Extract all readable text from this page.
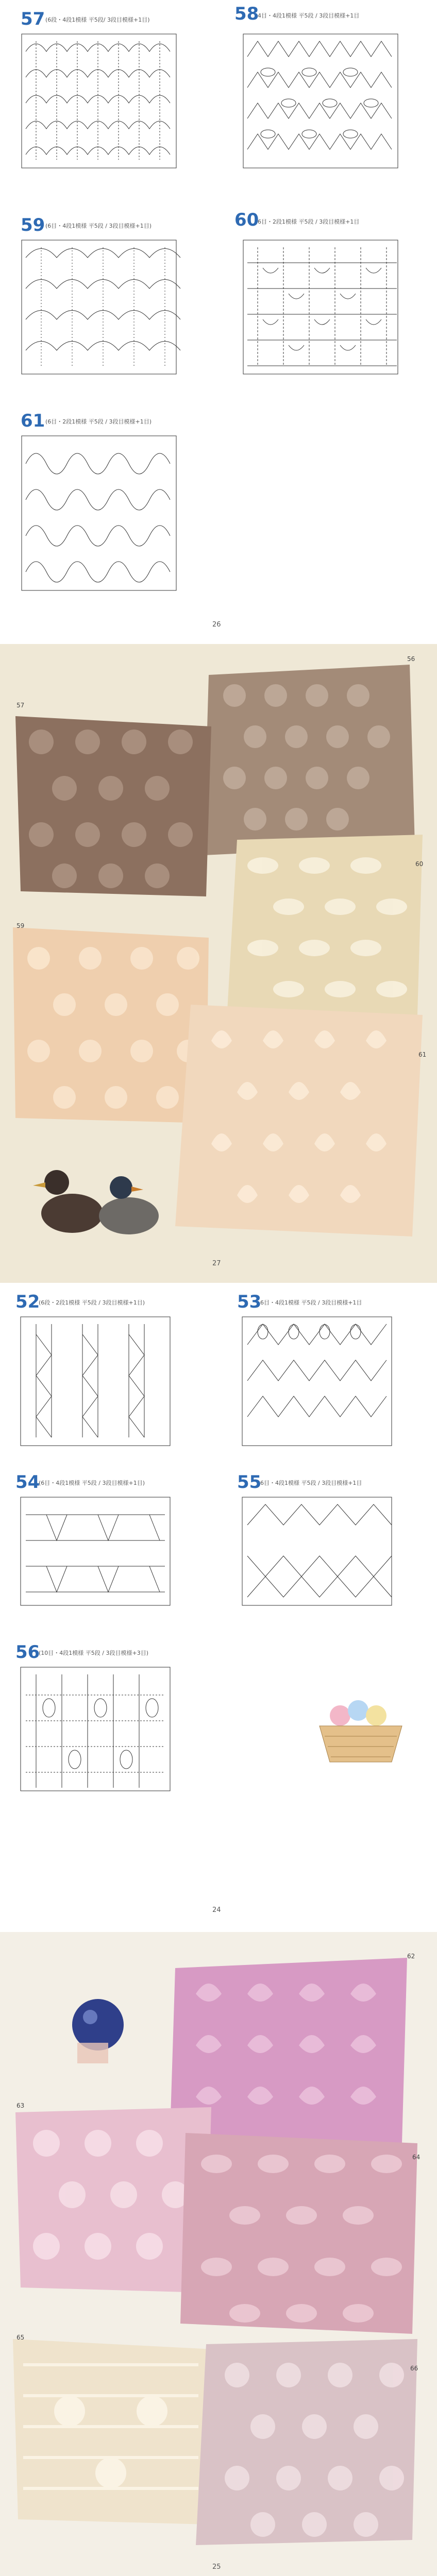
57 (6段・4段1模様 平5段/ 3段目模様+1目)	58
4目・4段1模様 平5段 / 3段目模様+1目
59 (6目・4段1模様 平5段 / 3段目模様+1目)	60
6目・2段1模様 平5段 / 3段目模様+1目
61 (6目・2段1模様 平5段 / 3段目模様+1目)
26
56
57
60
59
61
27
52
(6段・2段1模様 平5段 / 3段目模様+1目)	53
6目・4段1模様 平5段 / 3段目模様+1目
54
(6目・4段1模様 平5段 / 3段目模様+1目)	55
6目・4段1模様 平5段 / 3段目模様+1目
56
(10目・4段1模様 平5段 / 3段目模様+3目)
24
62
63
64
65
66
25
